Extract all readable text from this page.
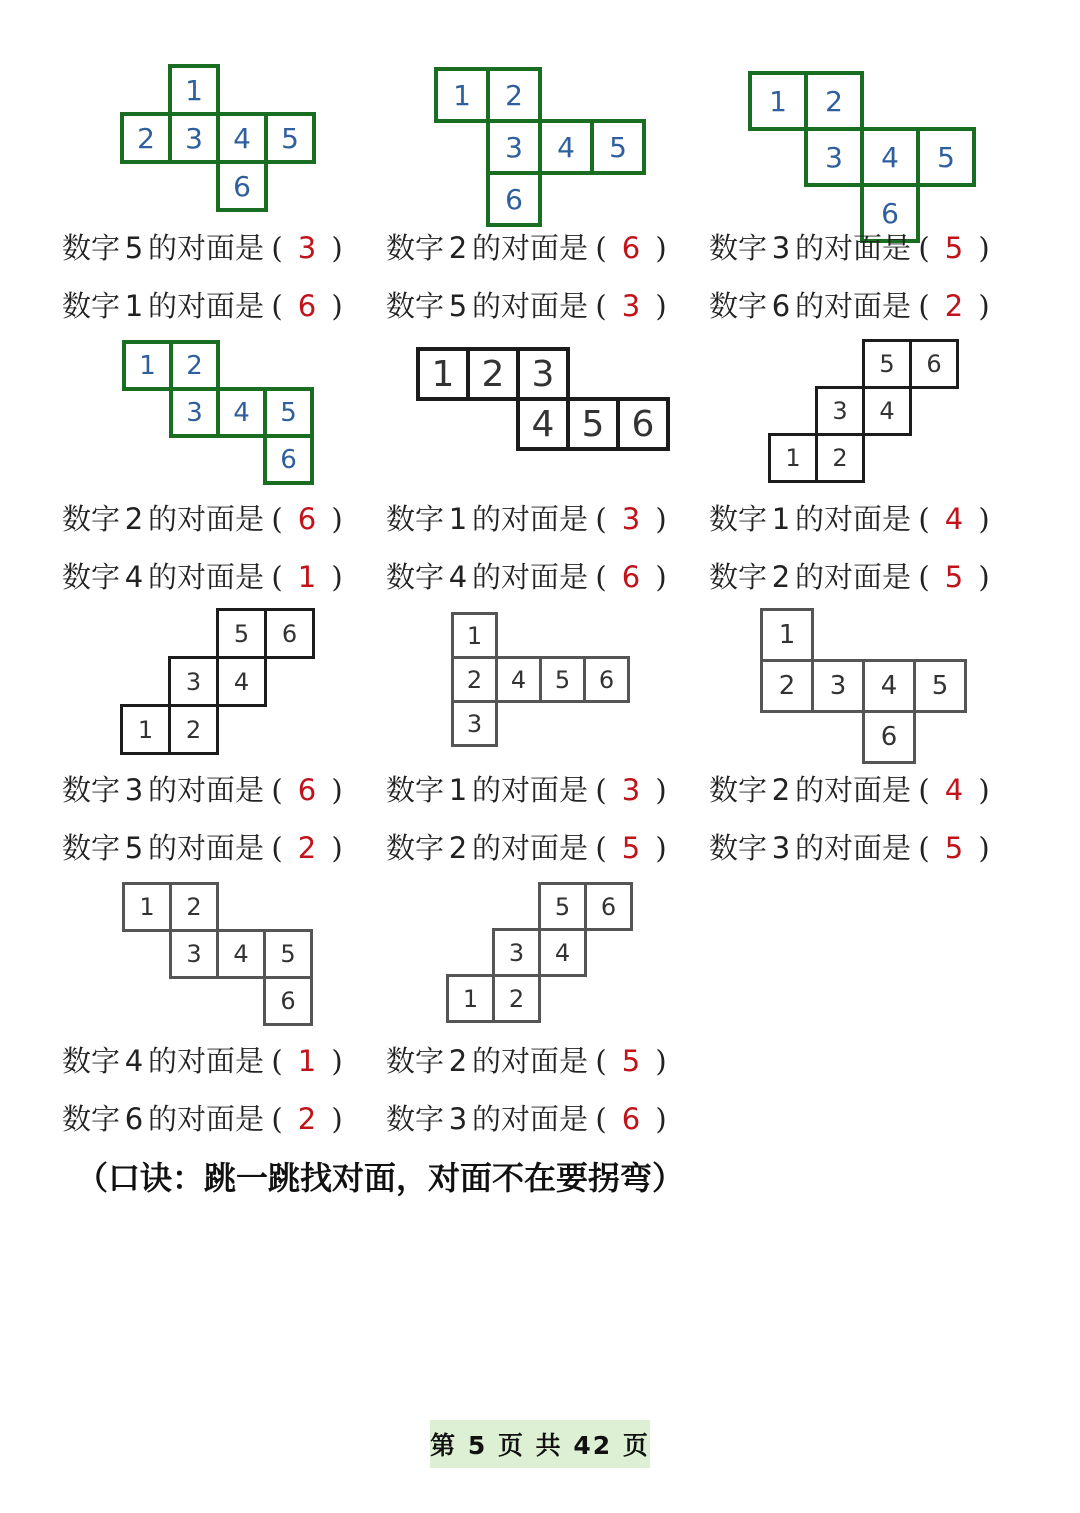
1
2	3	4	5
6
1	2
3	4	5
6
1	2
3	4	5
6
1	2
3	4	5
6
1 2 3
4 5 6
5	6
3	4
1	2
5	6
3	4
1	2
1
2	4	5	6
3
1
2	3	4	5
6
1	2
3	4	5
6
5	6
3	4
1	2
数字 5 的对面是 ( 3 ) 数字 2 的对面是 ( 6 ) 数字 3 的对面是 ( 5 )
数字 1 的对面是 ( 6 ) 数字 5 的对面是 ( 3 ) 数字 6 的对面是 ( 2 )
数字 2 的对面是 ( 6 ) 数字 1 的对面是 ( 3 ) 数字 1 的对面是 ( 4 )
数字 4 的对面是 ( 1 ) 数字 4 的对面是 ( 6 ) 数字 2 的对面是 ( 5 )
数字 3 的对面是 ( 6 ) 数字 1 的对面是 ( 3 ) 数字 2 的对面是 ( 4 )
数字 5 的对面是 ( 2 ) 数字 2 的对面是 ( 5 ) 数字 3 的对面是 ( 5 )
数字 4 的对面是 ( 1 ) 数字 2 的对面是 ( 5 )
数字 6 的对面是 ( 2 ) 数字 3 的对面是 ( 6 )
（口诀：跳一跳找对面，对面不在要拐弯）
第 5 页 共 42 页
